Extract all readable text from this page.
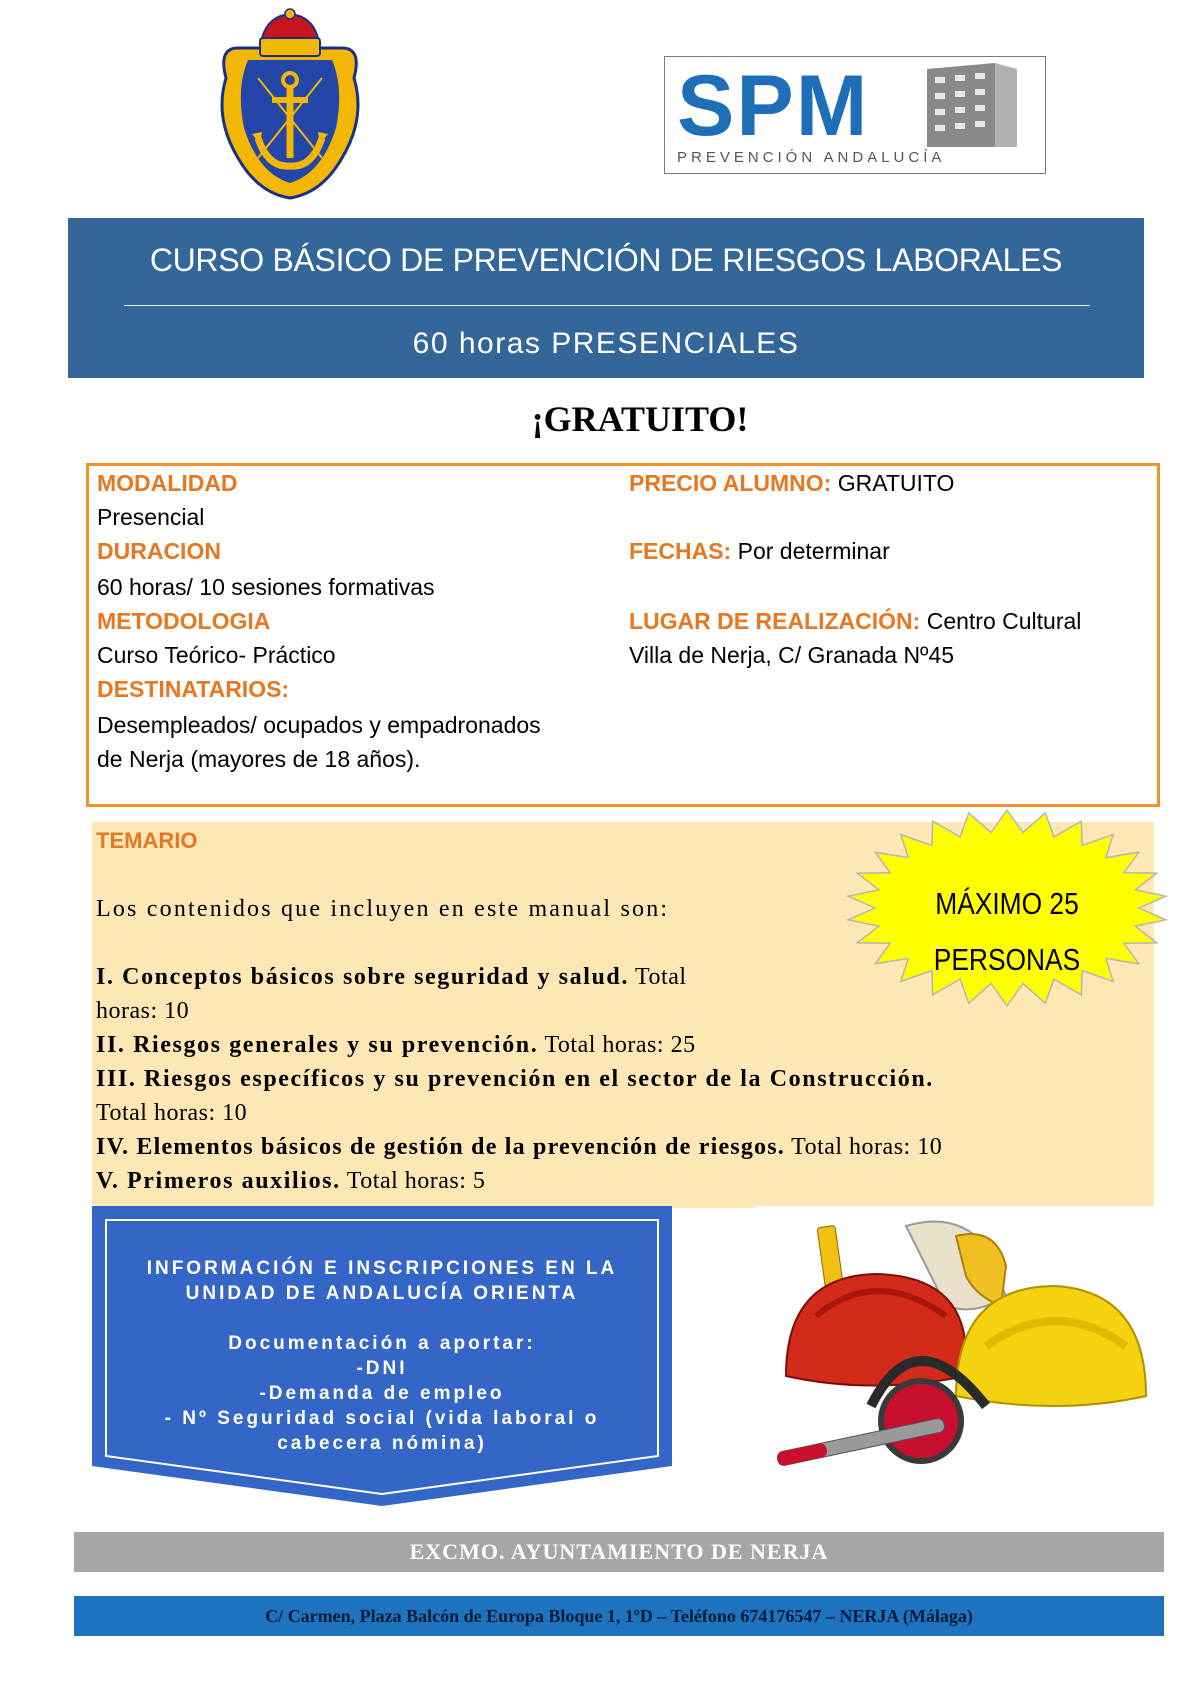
SPM
PREVENCIÓN ANDALUCÍA
CURSO BÁSICO DE PREVENCIÓN DE RIESGOS LABORALES
60 horas PRESENCIALES
¡GRATUITO!
MODALIDAD
Presencial
DURACION
60 horas/ 10 sesiones formativas
METODOLOGIA
Curso Teórico- Práctico
DESTINATARIOS:
Desempleados/ ocupados y empadronados
de Nerja (mayores de 18 años).
PRECIO ALUMNO: GRATUITO
FECHAS: Por determinar
LUGAR DE REALIZACIÓN: Centro Cultural
Villa de Nerja, C/ Granada Nº45
TEMARIO
Los contenidos que incluyen en este manual son:
I. Conceptos básicos sobre seguridad y salud. Total
horas: 10
II. Riesgos generales y su prevención. Total horas: 25
III. Riesgos específicos y su prevención en el sector de la Construcción.
Total horas: 10
IV. Elementos básicos de gestión de la prevención de riesgos. Total horas: 10
V. Primeros auxilios. Total horas: 5
MÁXIMO 25
PERSONAS
INFORMACIÓN E INSCRIPCIONES EN LA
UNIDAD DE ANDALUCÍA ORIENTA
Documentación a aportar:
-DNI
-Demanda de empleo
- Nº Seguridad social (vida laboral o
cabecera nómina)
EXCMO. AYUNTAMIENTO DE NERJA
C/ Carmen, Plaza Balcón de Europa Bloque 1, 1ºD – Teléfono 674176547 – NERJA (Málaga)
